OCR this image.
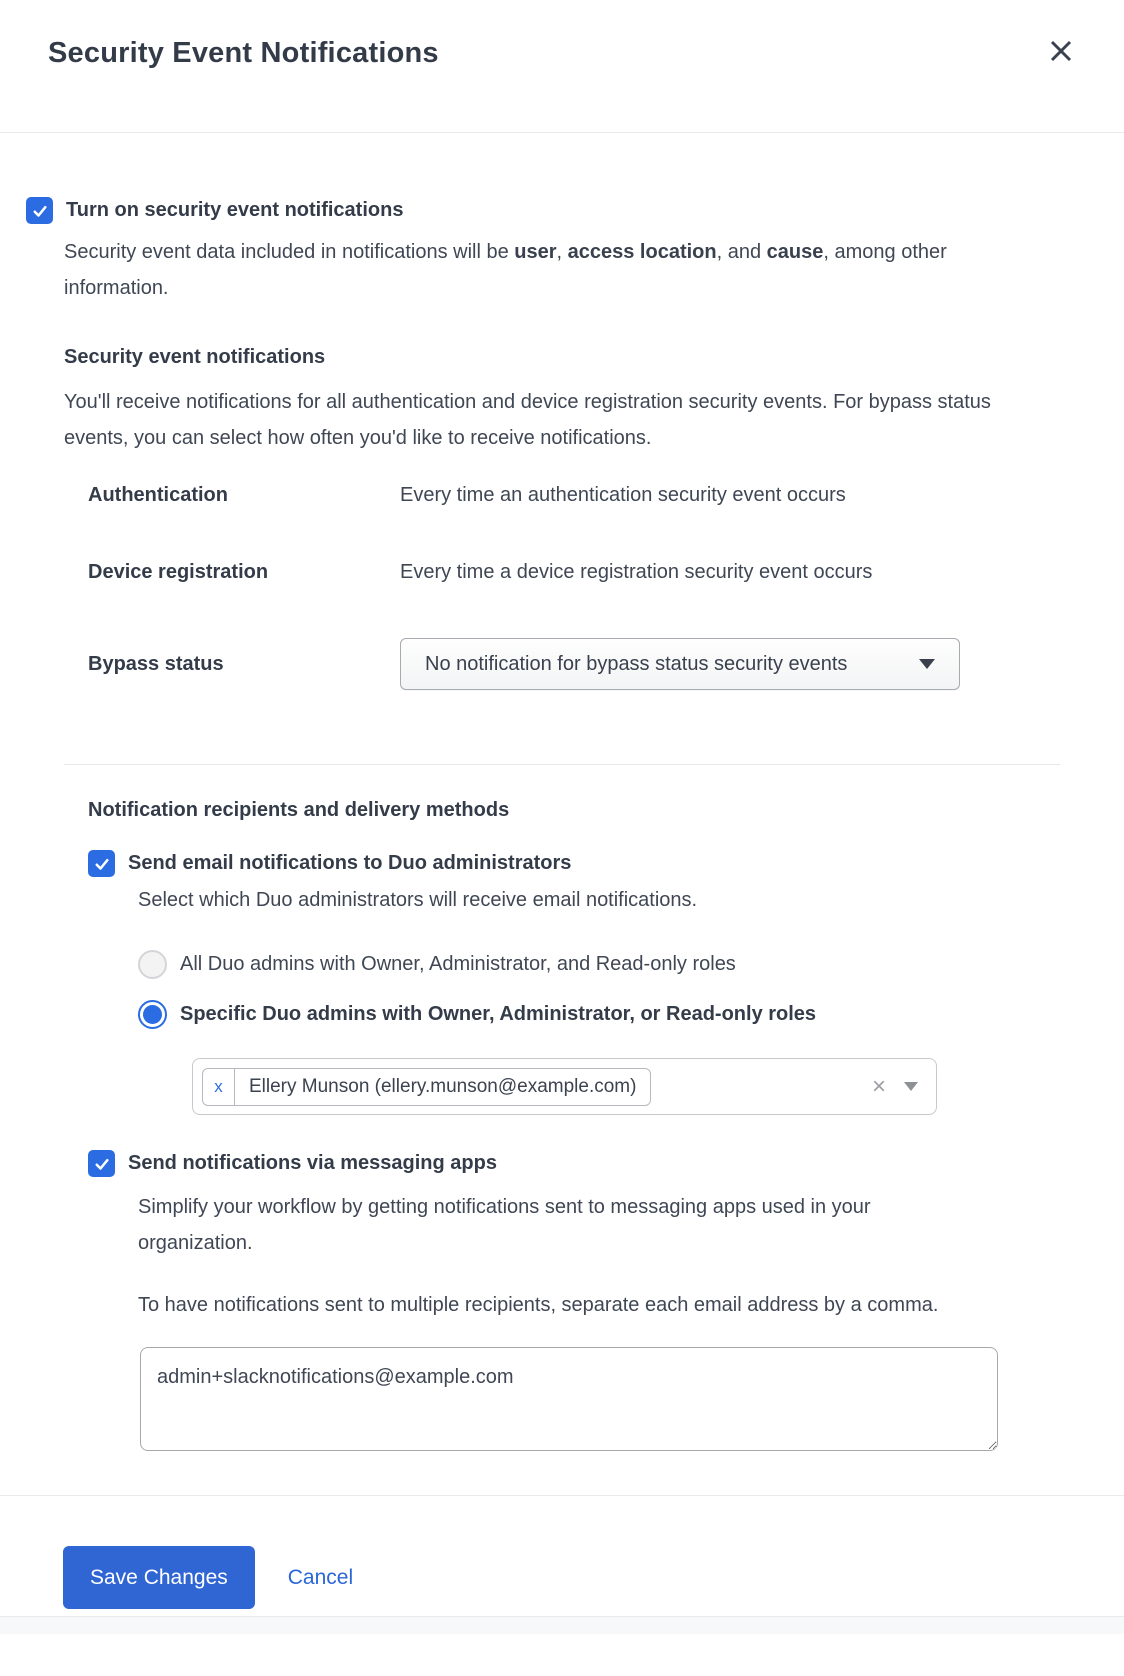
Security Event Notifications
Turn on security event notifications

Security event data included in notifications will be user, access location, and cause, among other information.

Security event notifications

You'll receive notifications for all authentication and device registration security events. For bypass status events, you can select how often you'd like to receive notifications.

Authentication	Every time an authentication security event occurs
Device registration	Every time a device registration security event occurs
Bypass status	No notification for bypass status security events
Notification recipients and delivery methods
Send email notifications to Duo administrators
Select which Duo administrators will receive email notifications.
All Duo admins with Owner, Administrator, and Read-only roles
Specific Duo admins with Owner, Administrator, or Read-only roles
x	Ellery Munson (ellery.munson@example.com)	×
Send notifications via messaging apps

Simplify your workflow by getting notifications sent to messaging apps used in your organization.

To have notifications sent to multiple recipients, separate each email address by a comma.

admin+slacknotifications@example.com
Save Changes	Cancel
